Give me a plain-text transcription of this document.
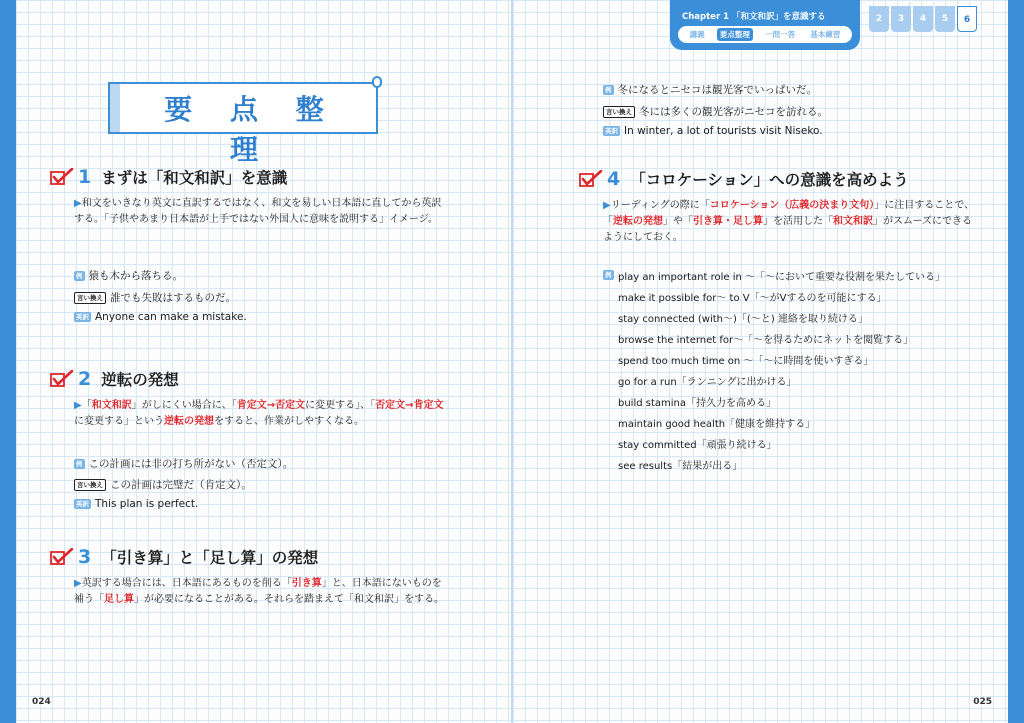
要 点 整 理
1 まずは「和文和訳」を意識
▶和文をいきなり英文に直訳するではなく、和文を易しい日本語に直してから英訳する。「子供やあまり日本語が上手ではない外国人に意味を説明する」イメージ。
例 猿も木から落ちる。
言い換え 誰でも失敗はするものだ。
英訳 Anyone can make a mistake.
2 逆転の発想
▶「和文和訳」がしにくい場合に、「肯定文→否定文に変更する」、「否定文→肯定文に変更する」という逆転の発想をすると、作業がしやすくなる。
例 この計画には非の打ち所がない（否定文）。
言い換え この計画は完璧だ（肯定文）。
英訳 This plan is perfect.
3 「引き算」と「足し算」の発想
▶英訳する場合には、日本語にあるものを削る「引き算」と、日本語にないものを補う「足し算」が必要になることがある。それらを踏まえて「和文和訳」をする。
024
Chapter 1 「和文和訳」を意識する
講義	要点整理	一問一答	基本練習
2	3	4	5	6
例 冬になるとニセコは観光客でいっぱいだ。
言い換え 冬には多くの観光客がニセコを訪れる。
英訳 In winter, a lot of tourists visit Niseko.
4 「コロケーション」への意識を高めよう
▶リーディングの際に「コロケーション（広義の決まり文句）」に注目することで、「逆転の発想」や「引き算・足し算」を活用した「和文和訳」がスムーズにできるようにしておく。
例 play an important role in ～「～において重要な役割を果たしている」
make it possible for～ to V「～がVするのを可能にする」
stay connected (with～)「(～と) 連絡を取り続ける」
browse the internet for～「～を得るためにネットを閲覧する」
spend too much time on ～「～に時間を使いすぎる」
go for a run「ランニングに出かける」
build stamina「持久力を高める」
maintain good health「健康を維持する」
stay committed「頑張り続ける」
see results「結果が出る」
025
